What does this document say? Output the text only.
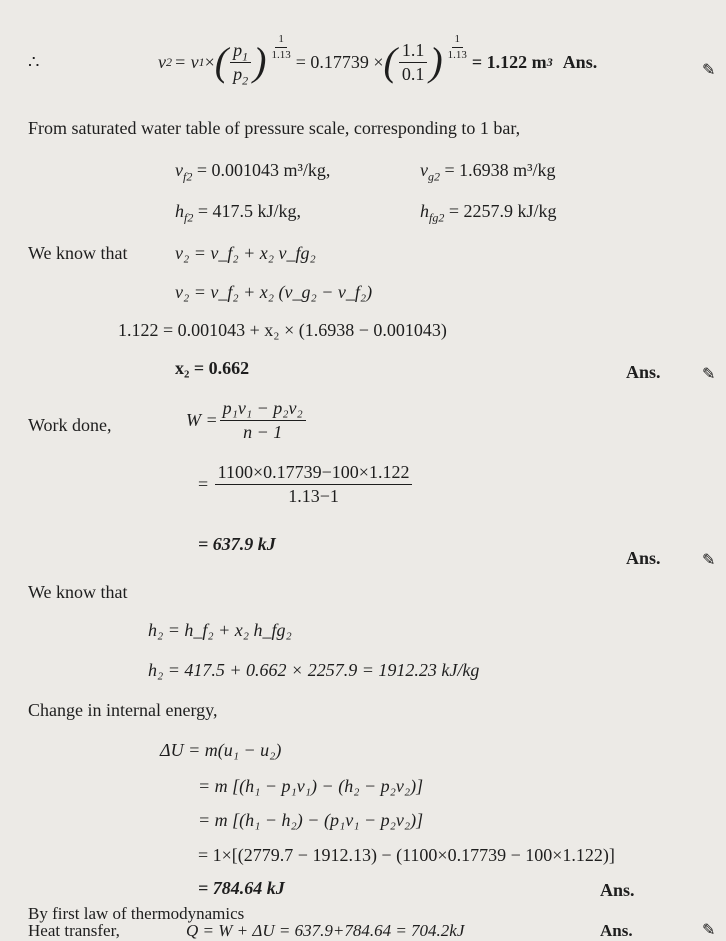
∴	v 2 = v 1 × ( $\frac{p_1}{p_2}$ ) $\frac{1}{1.13}$
= 0.17739 × ( $\frac{1.1}{0.1}$ ) $\frac{1}{1.13}$
= 1.122 m 3 Ans.	✎
From saturated water table of pressure scale, corresponding to 1 bar,
$v_{f2} = 0.001043$ m³/kg,	$v_{g2} = 1.6938$ m³/kg
$h_{f2} = 417.5$ kJ/kg,	$h_{fg2} = 2257.9$ kJ/kg
We know that	v₂ = v_f₂ + x₂ v_fg₂
v₂ = v_f₂ + x₂ (v_g₂ − v_f₂)
1.122 = 0.001043 + x₂ × (1.6938 − 0.001043)
x₂ = 0.662	Ans.	✎
Work done,	$W = \frac{\text{p₁v₁ − p₂v₂}}{n - 1}$
= $\frac{1100\times 0.17739-100\times 1.122}{1.13-1}$
= 637.9 kJ
Ans.	✎
We know that
h₂ = h_f₂ + x₂ h_fg₂
h₂ = 417.5 + 0.662 × 2257.9 = 1912.23 kJ/kg
Change in internal energy,
ΔU = m(u₁ − u₂)
= m [(h₁ − p₁v₁) − (h₂ − p₂v₂)]
= m [(h₁ − h₂) − (p₁v₁ − p₂v₂)]
= 1×[(2779.7 − 1912.13) − (1100×0.17739 − 100×1.122)]
= 784.64 kJ	Ans.
By first law of thermodynamics
Heat transfer,	Q = W + ΔU = 637.9+784.64 = 704.2kJ	Ans.	✎
